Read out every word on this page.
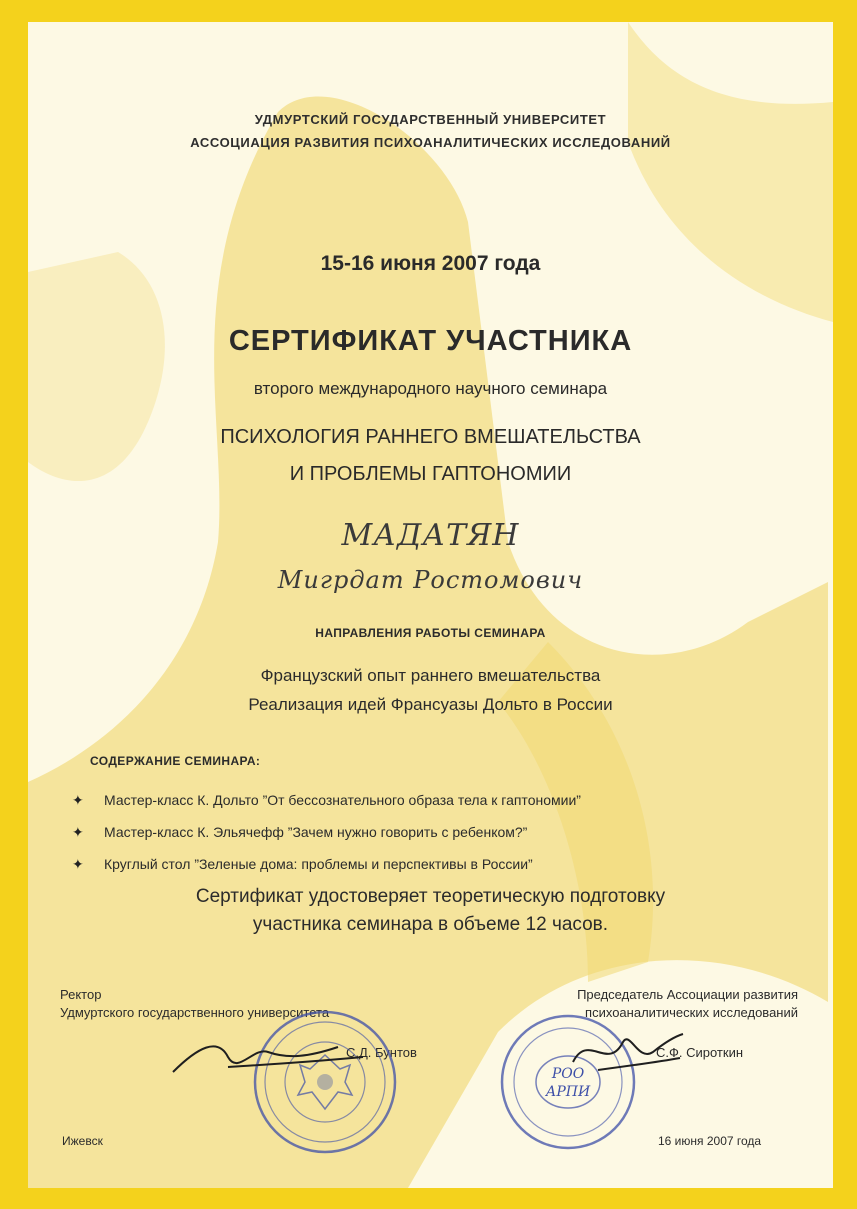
УДМУРТСКИЙ ГОСУДАРСТВЕННЫЙ УНИВЕРСИТЕТ
АССОЦИАЦИЯ РАЗВИТИЯ ПСИХОАНАЛИТИЧЕСКИХ ИССЛЕДОВАНИЙ
15-16 июня 2007 года
СЕРТИФИКАТ УЧАСТНИКА
второго международного научного семинара
ПСИХОЛОГИЯ РАННЕГО ВМЕШАТЕЛЬСТВА
И ПРОБЛЕМЫ ГАПТОНОМИИ
МАДАТЯН
Мигрдат Ростомович
НАПРАВЛЕНИЯ РАБОТЫ СЕМИНАРА
Французский опыт раннего вмешательства
Реализация идей Франсуазы Дольто в России
СОДЕРЖАНИЕ СЕМИНАРА:
✦	Мастер-класс К. Дольто ”От бессознательного образа тела к гаптономии”
✦	Мастер-класс К. Эльячефф ”Зачем нужно говорить с ребенком?”
✦	Круглый стол ”Зеленые дома: проблемы и перспективы в России”
Сертификат удостоверяет теоретическую подготовку
участника семинара в объеме 12 часов.
Ректор
Удмуртского государственного университета
С.Д. Бунтов
Председатель Ассоциации развития
психоаналитических исследований
С.Ф. Сироткин
РОО
АРПИ
Ижевск	16 июня 2007 года
